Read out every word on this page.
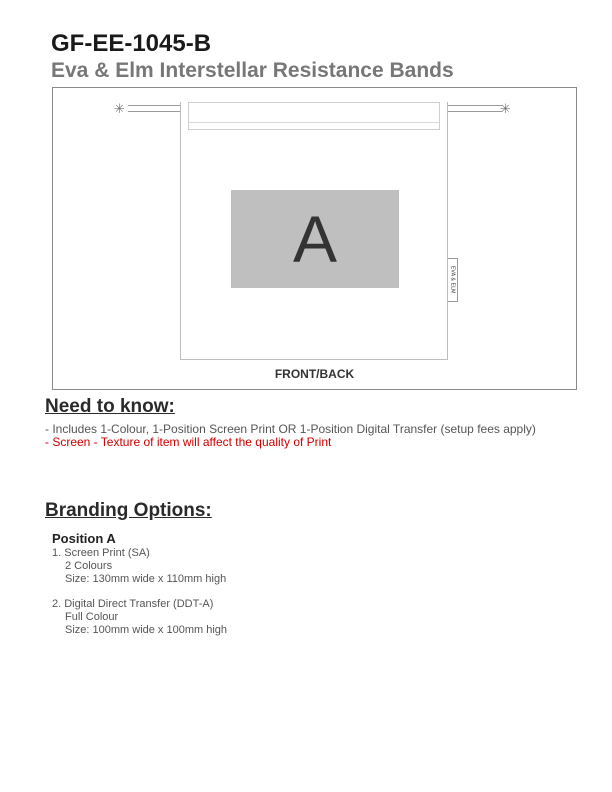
GF-EE-1045-B
Eva & Elm Interstellar Resistance Bands
✳	✳
A
EVA & ELM
FRONT/BACK
Need to know:

- Includes 1-Colour, 1-Position Screen Print OR 1-Position Digital Transfer (setup fees apply)

- Screen - Texture of item will affect the quality of Print

Branding Options:
Position A
1. Screen Print (SA)
2 Colours
Size: 130mm wide x 110mm high
2. Digital Direct Transfer (DDT-A)
Full Colour
Size: 100mm wide x 100mm high
